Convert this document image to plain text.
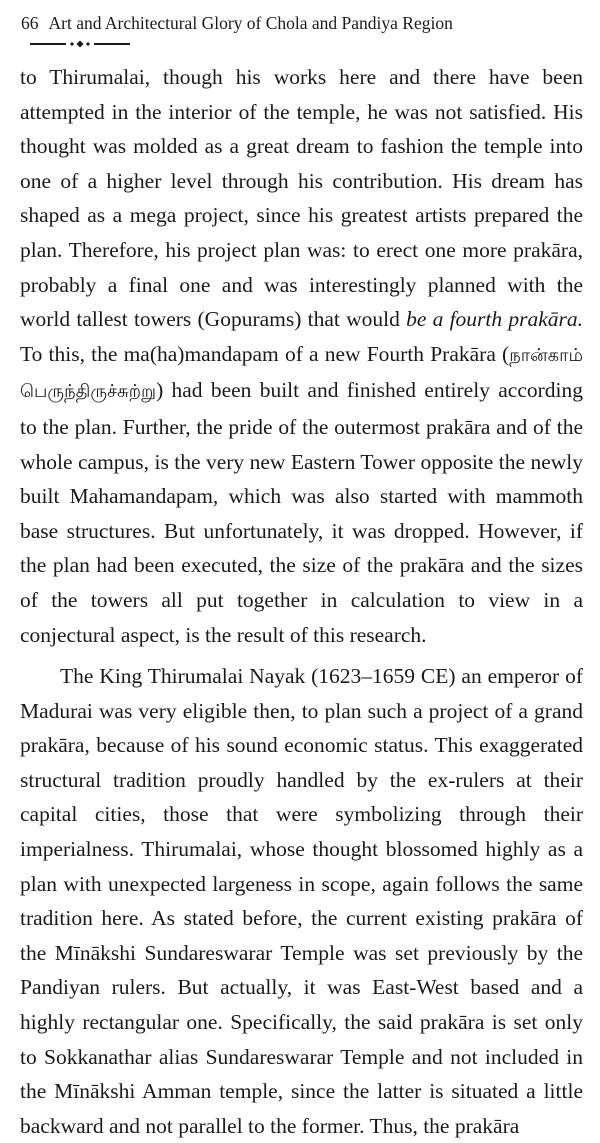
66 Art and Architectural Glory of Chola and Pandiya Region

to Thirumalai, though his works here and there have been attempted in the interior of the temple, he was not satisfied. His thought was molded as a great dream to fashion the temple into one of a higher level through his contribution. His dream has shaped as a mega project, since his greatest artists prepared the plan. Therefore, his project plan was: to erect one more prakāra, probably a final one and was interestingly planned with the world tallest towers (Gopurams) that would be a fourth prakāra. To this, the ma(ha)mandapam of a new Fourth Prakāra (நான்காம் பெருந்திருச்சுற்று) had been built and finished entirely according to the plan. Further, the pride of the outermost prakāra and of the whole campus, is the very new Eastern Tower opposite the newly built Mahamandapam, which was also started with mammoth base structures. But unfortunately, it was dropped. However, if the plan had been executed, the size of the prakāra and the sizes of the towers all put together in calculation to view in a conjectural aspect, is the result of this research.

The King Thirumalai Nayak (1623–1659 CE) an emperor of Madurai was very eligible then, to plan such a project of a grand prakāra, because of his sound economic status. This exaggerated structural tradition proudly handled by the ex-rulers at their capital cities, those that were symbolizing through their imperialness. Thirumalai, whose thought blossomed highly as a plan with unexpected largeness in scope, again follows the same tradition here. As stated before, the current existing prakāra of the Mīnākshi Sundareswarar Temple was set previously by the Pandiyan rulers. But actually, it was East-West based and a highly rectangular one. Specifically, the said prakāra is set only to Sokkanathar alias Sundareswarar Temple and not included in the Mīnākshi Amman temple, since the latter is situated a little backward and not parallel to the former. Thus, the prakāra
